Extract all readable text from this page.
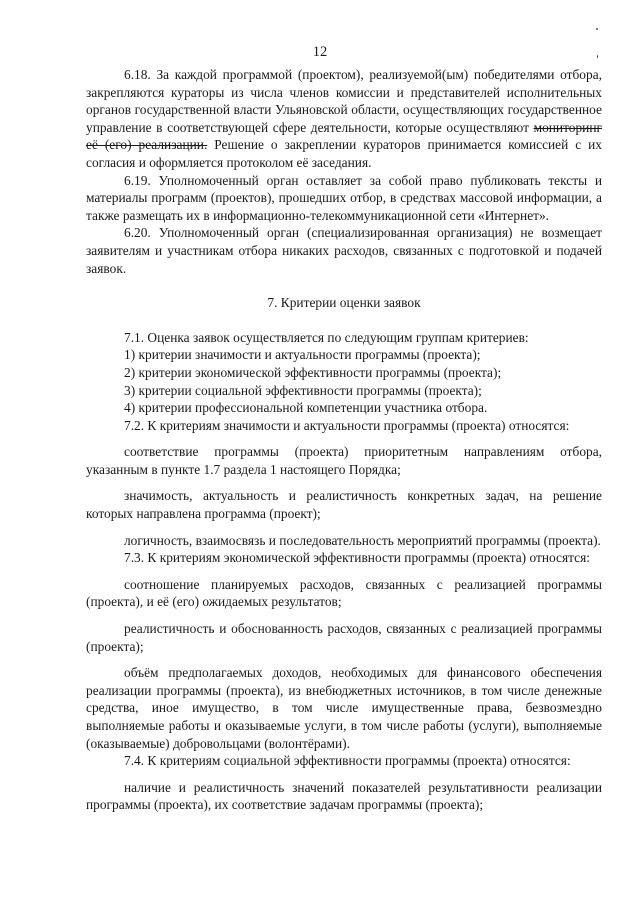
12

6.18. За каждой программой (проектом), реализуемой(ым) победителями отбора, закрепляются кураторы из числа членов комиссии и представителей исполнительных органов государственной власти Ульяновской области, осуществляющих государственное управление в соответствующей сфере деятельности, которые осуществляют мониторинг её (его) реализации. Решение о закреплении кураторов принимается комиссией с их согласия и оформляется протоколом её заседания.

6.19. Уполномоченный орган оставляет за собой право публиковать тексты и материалы программ (проектов), прошедших отбор, в средствах массовой информации, а также размещать их в информационно-телекоммуникационной сети «Интернет».

6.20. Уполномоченный орган (специализированная организация) не возмещает заявителям и участникам отбора никаких расходов, связанных с подготовкой и подачей заявок.

7. Критерии оценки заявок

7.1. Оценка заявок осуществляется по следующим группам критериев:

1) критерии значимости и актуальности программы (проекта);

2) критерии экономической эффективности программы (проекта);

3) критерии социальной эффективности программы (проекта);

4) критерии профессиональной компетенции участника отбора.

7.2. К критериям значимости и актуальности программы (проекта) относятся:

соответствие программы (проекта) приоритетным направлениям отбора, указанным в пункте 1.7 раздела 1 настоящего Порядка;

значимость, актуальность и реалистичность конкретных задач, на решение которых направлена программа (проект);

логичность, взаимосвязь и последовательность мероприятий программы (проекта).

7.3. К критериям экономической эффективности программы (проекта) относятся:

соотношение планируемых расходов, связанных с реализацией программы (проекта), и её (его) ожидаемых результатов;

реалистичность и обоснованность расходов, связанных с реализацией программы (проекта);

объём предполагаемых доходов, необходимых для финансового обеспечения реализации программы (проекта), из внебюджетных источников, в том числе денежные средства, иное имущество, в том числе имущественные права, безвозмездно выполняемые работы и оказываемые услуги, в том числе работы (услуги), выполняемые (оказываемые) добровольцами (волонтёрами).

7.4. К критериям социальной эффективности программы (проекта) относятся:

наличие и реалистичность значений показателей результативности реализации программы (проекта), их соответствие задачам программы (проекта);
